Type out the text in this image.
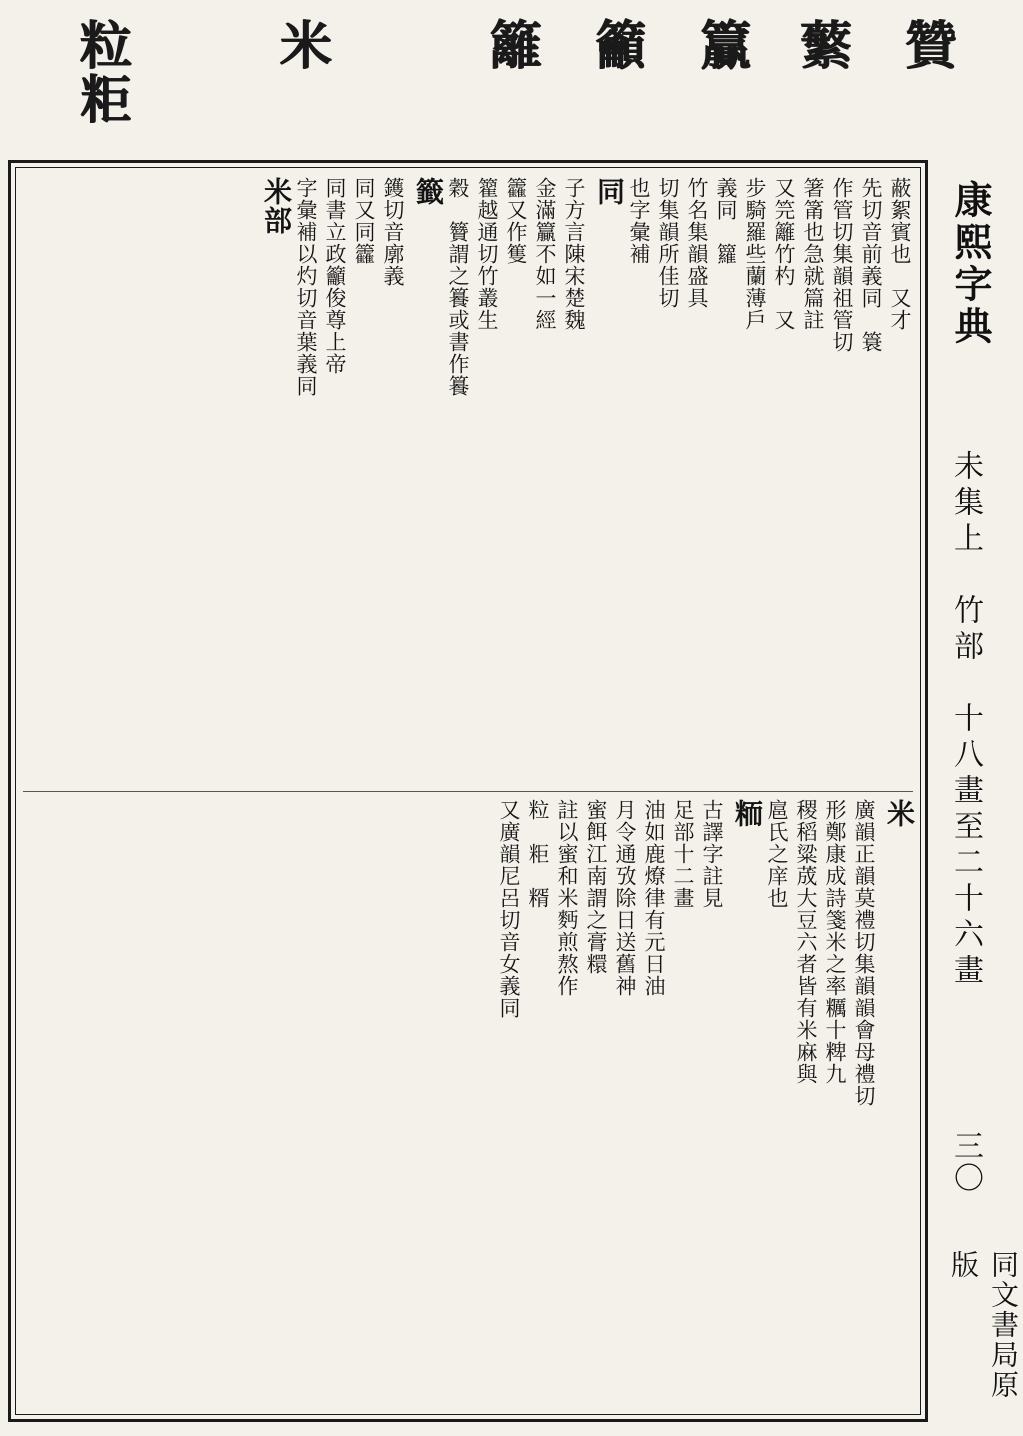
贊
蘩
籯
籲
籬
米
粒粔
康熙字典
未集上　竹部　十八畫至二十六畫
三〇
同文書局原版
蔽絮賓也　又才
先切音前義同　簑
作管切集韻祖管切
箸筩也急就篇註
又笎籬竹杓　又
步騎羅些蘭薄戶
義同　籮
竹名集韻盛具
切集韻所佳切
也字彙補
同
子方言陳宋楚魏
金滿籯不如一經
籱又作篗
籊越通切竹叢生
穀　籫謂之籑或書作籑
籤
鑊切音廓義
同又同籱
同書立政籲俊尊上帝
字彙補以灼切音葉義同
米部
米
廣韻正韻莫禮切集韻韻會母禮切
形鄭康成詩箋米之率糲十粺九
稷稻粱荿大豆六者皆有米麻與
扈氏之庠也
粫
古譯字註見
足部十二畫
油如鹿燎律有元日油
月令通攷除日送舊神
蜜餌江南謂之膏糫
註以蜜和米麪煎熬作
粒　粔　糈
又廣韻尼呂切音女義同
